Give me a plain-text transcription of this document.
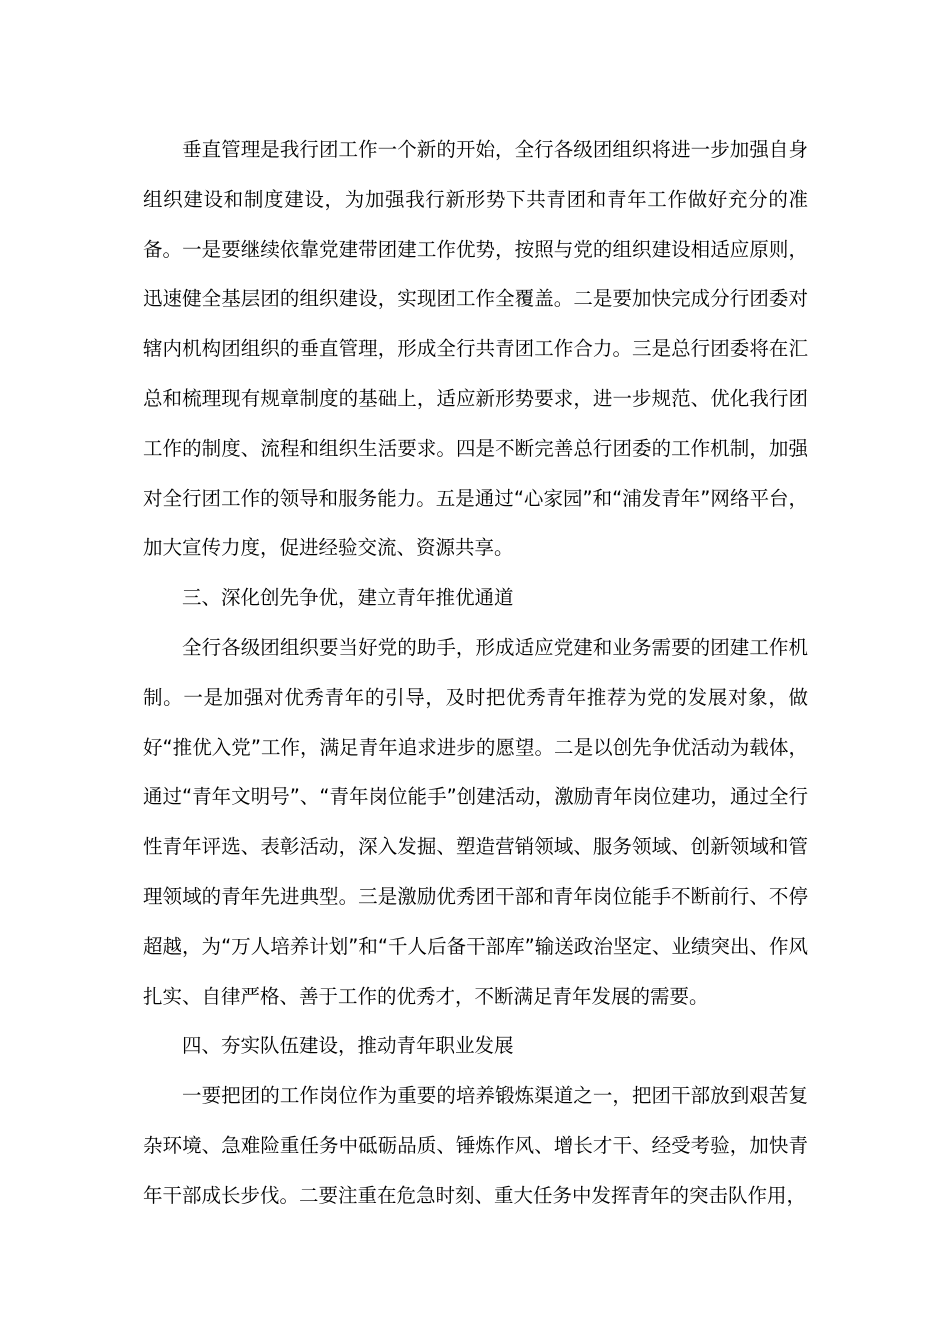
垂直管理是我行团工作一个新的开始，全行各级团组织将进一步加强自身组织建设和制度建设，为加强我行新形势下共青团和青年工作做好充分的准备。一是要继续依靠党建带团建工作优势，按照与党的组织建设相适应原则，迅速健全基层团的组织建设，实现团工作全覆盖。二是要加快完成分行团委对辖内机构团组织的垂直管理，形成全行共青团工作合力。三是总行团委将在汇总和梳理现有规章制度的基础上，适应新形势要求，进一步规范、优化我行团工作的制度、流程和组织生活要求。四是不断完善总行团委的工作机制，加强对全行团工作的领导和服务能力。五是通过“心家园”和“浦发青年”网络平台，加大宣传力度，促进经验交流、资源共享。

三、深化创先争优，建立青年推优通道

全行各级团组织要当好党的助手，形成适应党建和业务需要的团建工作机制。一是加强对优秀青年的引导，及时把优秀青年推荐为党的发展对象，做好“推优入党”工作，满足青年追求进步的愿望。二是以创先争优活动为载体，通过“青年文明号”、“青年岗位能手”创建活动，激励青年岗位建功，通过全行性青年评选、表彰活动，深入发掘、塑造营销领域、服务领域、创新领域和管理领域的青年先进典型。三是激励优秀团干部和青年岗位能手不断前行、不停超越，为“万人培养计划”和“千人后备干部库”输送政治坚定、业绩突出、作风扎实、自律严格、善于工作的优秀才，不断满足青年发展的需要。

四、夯实队伍建设，推动青年职业发展

一要把团的工作岗位作为重要的培养锻炼渠道之一，把团干部放到艰苦复杂环境、急难险重任务中砥砺品质、锤炼作风、增长才干、经受考验，加快青年干部成长步伐。二要注重在危急时刻、重大任务中发挥青年的突击队作用，
